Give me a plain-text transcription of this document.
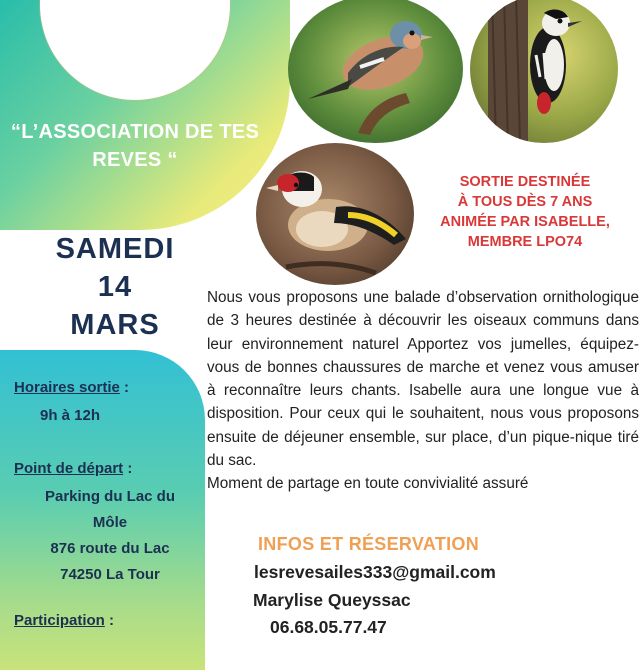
“L’ASSOCIATION DE TES REVES “
SAMEDI
14
MARS
SORTIE DESTINÉE
À TOUS DÈS 7 ANS
ANIMÉE PAR ISABELLE,
MEMBRE LPO74

Nous vous proposons une balade d’observation ornithologique de 3 heures destinée à découvrir les oiseaux communs dans leur environnement naturel Apportez vos jumelles, équipez-vous de bonnes chaussures de marche et venez vous amuser à reconnaître leurs chants. Isabelle aura une longue vue à disposition. Pour ceux qui le souhaitent, nous vous proposons ensuite de déjeuner ensemble, sur place, d’un pique-nique tiré du sac.

Moment de partage en toute convivialité assuré

INFOS ET RÉSERVATION
lesrevesailes333@gmail.com
Marylise Queyssac
06.68.05.77.47
Horaires sortie :
9h à 12h
Point de départ :
Parking du Lac du
Môle
876 route du Lac
74250 La Tour
Participation :
